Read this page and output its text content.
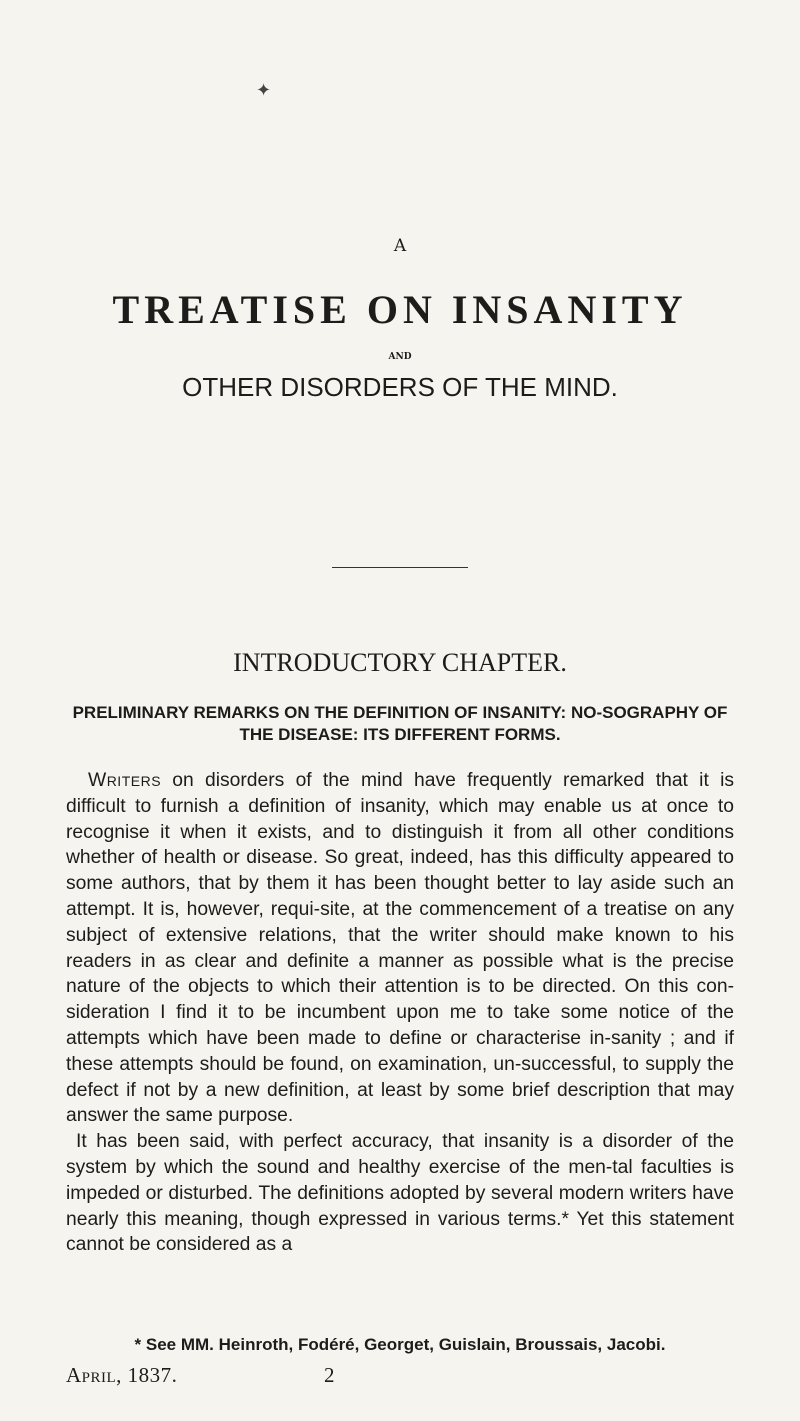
✦
A
TREATISE ON INSANITY
AND
OTHER DISORDERS OF THE MIND.
INTRODUCTORY CHAPTER.
PRELIMINARY REMARKS ON THE DEFINITION OF INSANITY: NO-SOGRAPHY OF THE DISEASE: ITS DIFFERENT FORMS.

Writers on disorders of the mind have frequently remarked that it is difficult to furnish a definition of insanity, which may enable us at once to recognise it when it exists, and to distinguish it from all other conditions whether of health or disease. So great, indeed, has this difficulty appeared to some authors, that by them it has been thought better to lay aside such an attempt. It is, however, requi-site, at the commencement of a treatise on any subject of extensive relations, that the writer should make known to his readers in as clear and definite a manner as possible what is the precise nature of the objects to which their attention is to be directed. On this con-sideration I find it to be incumbent upon me to take some notice of the attempts which have been made to define or characterise in-sanity ; and if these attempts should be found, on examination, un-successful, to supply the defect if not by a new definition, at least by some brief description that may answer the same purpose.

It has been said, with perfect accuracy, that insanity is a disorder of the system by which the sound and healthy exercise of the men-tal faculties is impeded or disturbed. The definitions adopted by several modern writers have nearly this meaning, though expressed in various terms.* Yet this statement cannot be considered as a

* See MM. Heinroth, Fodéré, Georget, Guislain, Broussais, Jacobi.
April, 1837.	2
